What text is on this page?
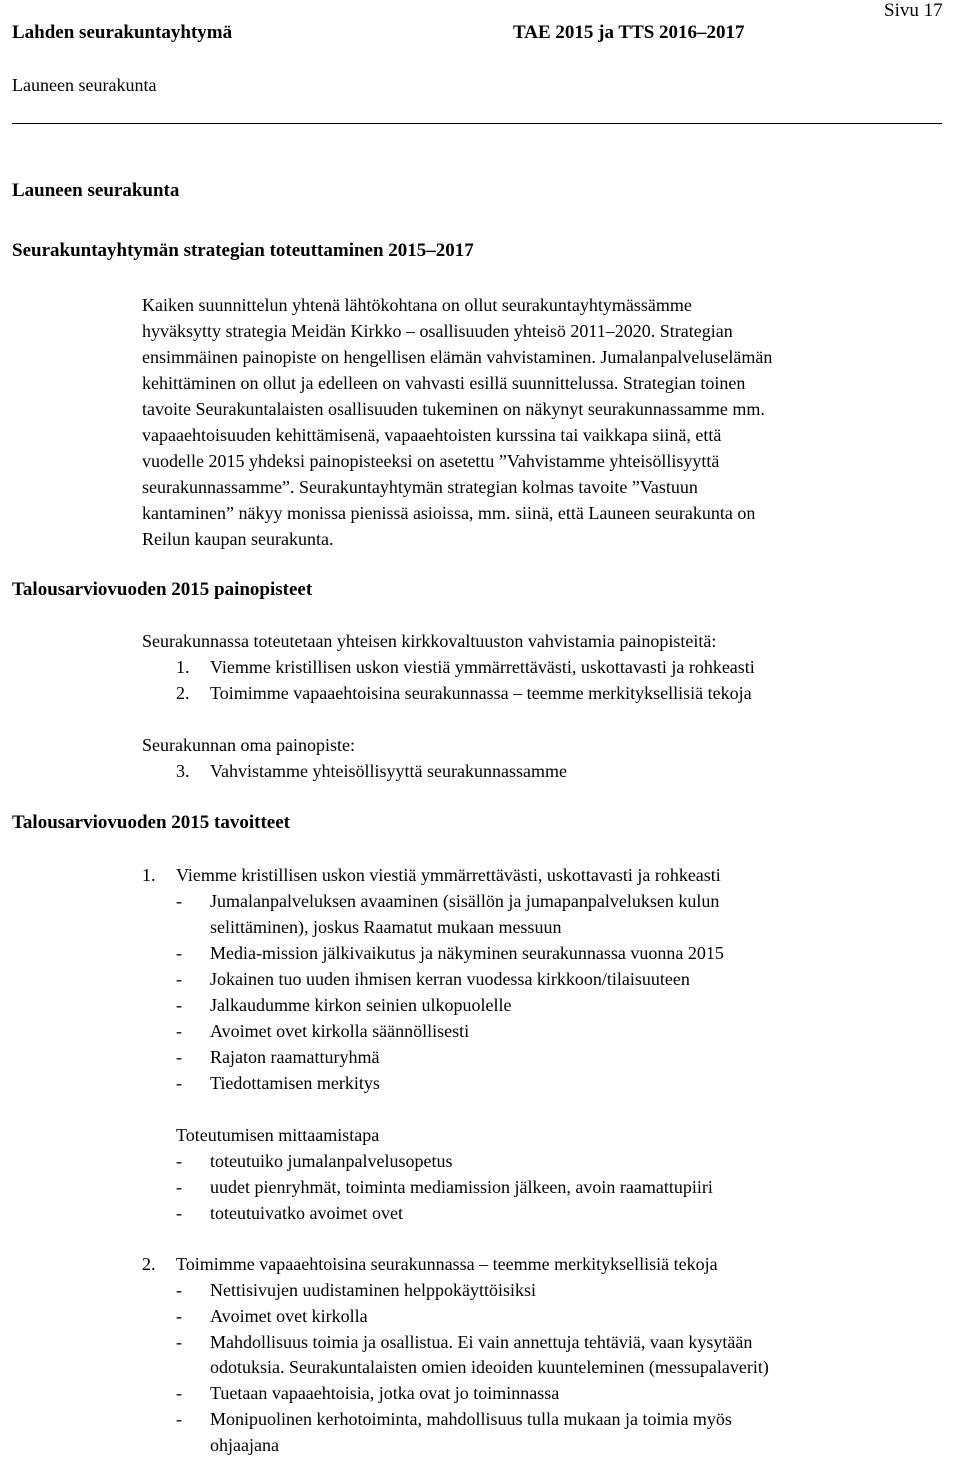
Lahden seurakuntayhtymä	TAE 2015 ja TTS 2016–2017
Sivu 17
Launeen seurakunta
Launeen seurakunta
Seurakuntayhtymän strategian toteuttaminen 2015–2017
Kaiken suunnittelun yhtenä lähtökohtana on ollut seurakuntayhtymässämme
hyväksytty strategia Meidän Kirkko – osallisuuden yhteisö 2011–2020. Strategian
ensimmäinen painopiste on hengellisen elämän vahvistaminen. Jumalanpalveluselämän
kehittäminen on ollut ja edelleen on vahvasti esillä suunnittelussa. Strategian toinen
tavoite Seurakuntalaisten osallisuuden tukeminen on näkynyt seurakunnassamme mm.
vapaaehtoisuuden kehittämisenä, vapaaehtoisten kurssina tai vaikkapa siinä, että
vuodelle 2015 yhdeksi painopisteeksi on asetettu ”Vahvistamme yhteisöllisyyttä
seurakunnassamme”. Seurakuntayhtymän strategian kolmas tavoite ”Vastuun
kantaminen” näkyy monissa pienissä asioissa, mm. siinä, että Launeen seurakunta on
Reilun kaupan seurakunta.
Talousarviovuoden 2015 painopisteet
Seurakunnassa toteutetaan yhteisen kirkkovaltuuston vahvistamia painopisteitä:
1. Viemme kristillisen uskon viestiä ymmärrettävästi, uskottavasti ja rohkeasti
2. Toimimme vapaaehtoisina seurakunnassa – teemme merkityksellisiä tekoja
Seurakunnan oma painopiste:
3. Vahvistamme yhteisöllisyyttä seurakunnassamme
Talousarviovuoden 2015 tavoitteet
1. Viemme kristillisen uskon viestiä ymmärrettävästi, uskottavasti ja rohkeasti
- Jumalanpalveluksen avaaminen (sisällön ja jumapanpalveluksen kulun
selittäminen), joskus Raamatut mukaan messuun
- Media-mission jälkivaikutus ja näkyminen seurakunnassa vuonna 2015
- Jokainen tuo uuden ihmisen kerran vuodessa kirkkoon/tilaisuuteen
- Jalkaudumme kirkon seinien ulkopuolelle
- Avoimet ovet kirkolla säännöllisesti
- Rajaton raamatturyhmä
- Tiedottamisen merkitys
Toteutumisen mittaamistapa
- toteutuiko jumalanpalvelusopetus
- uudet pienryhmät, toiminta mediamission jälkeen, avoin raamattupiiri
- toteutuivatko avoimet ovet
2. Toimimme vapaaehtoisina seurakunnassa – teemme merkityksellisiä tekoja
- Nettisivujen uudistaminen helppokäyttöisiksi
- Avoimet ovet kirkolla
- Mahdollisuus toimia ja osallistua. Ei vain annettuja tehtäviä, vaan kysytään
odotuksia. Seurakuntalaisten omien ideoiden kuunteleminen (messupalaverit)
- Tuetaan vapaaehtoisia, jotka ovat jo toiminnassa
- Monipuolinen kerhotoiminta, mahdollisuus tulla mukaan ja toimia myös
ohjaajana
